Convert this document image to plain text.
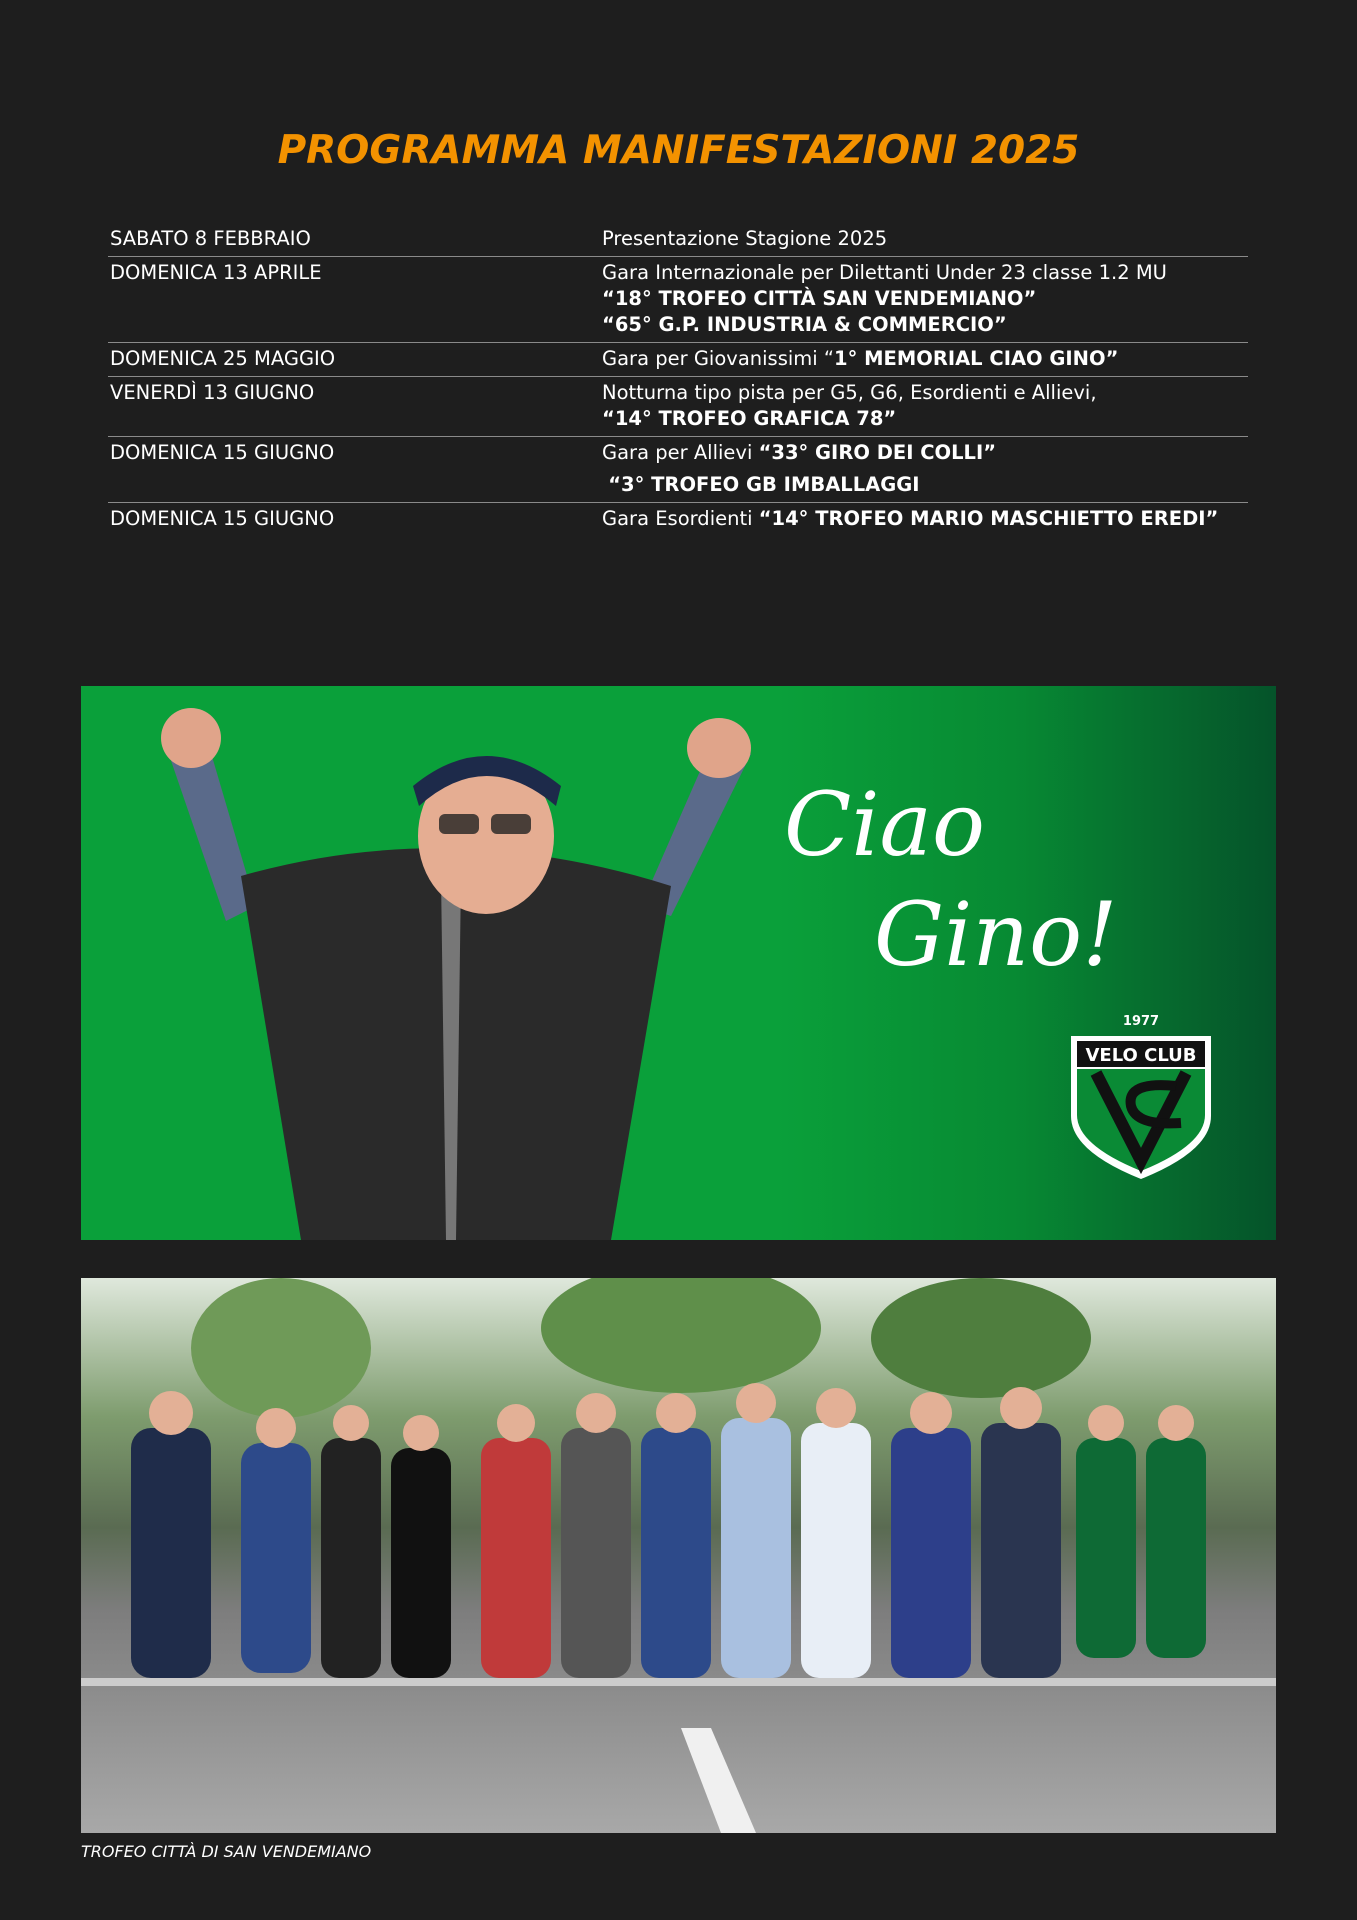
PROGRAMMA MANIFESTAZIONI 2025
SABATO 8 FEBBRAIO	Presentazione Stagione 2025
DOMENICA 13 APRILE	Gara Internazionale per Dilettanti Under 23 classe 1.2 MU
“18° TROFEO CITTÀ SAN VENDEMIANO”
“65° G.P. INDUSTRIA & COMMERCIO”
DOMENICA 25 MAGGIO	Gara per Giovanissimi “1° MEMORIAL CIAO GINO”
VENERDÌ 13 GIUGNO	Notturna tipo pista per G5, G6, Esordienti e Allievi,
“14° TROFEO GRAFICA 78”
DOMENICA 15 GIUGNO	Gara per Allievi “33° GIRO DEI COLLI”
“3° TROFEO GB IMBALLAGGI
DOMENICA 15 GIUGNO	Gara Esordienti “14° TROFEO MARIO MASCHIETTO EREDI”
Ciao
Gino!
1977
VELO CLUB
TROFEO CITTÀ DI SAN VENDEMIANO
